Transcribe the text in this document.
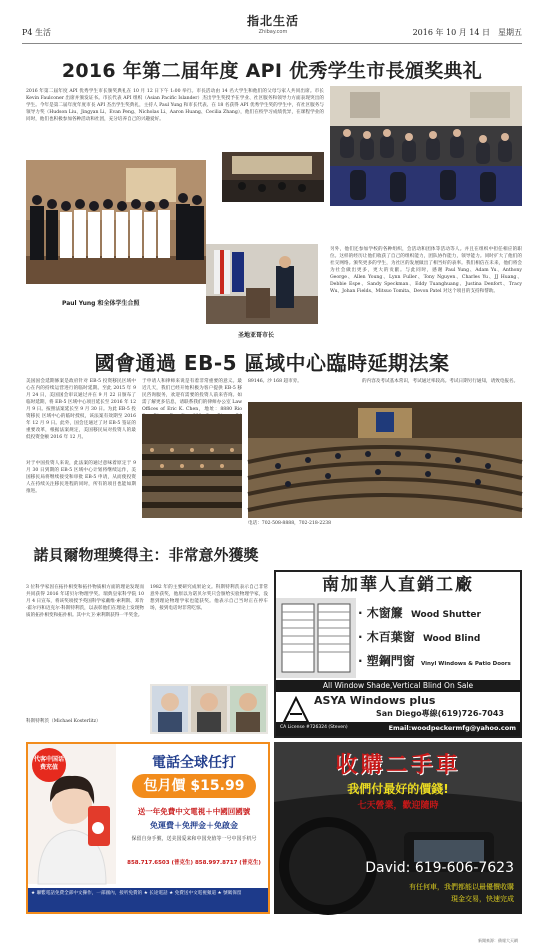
P4 生活
指北生活
Zhibay.com	2016 年 10 月 14 日　星期五
2016 年第二届年度 API 优秀学生市長頒奖典礼
2016 年第二届年度 API 优秀学生市长颁奖典礼在 10 月 12 日下午 1:00 举行。市長活动由 14 名大学生和他们的父母与家人共同出席。市长 Kevin Faulconer 出席并颁发证书。市长代表 API 组织（Asian Pacific Islander）杰出学生奖授予在学业、社区服务和领导力方面表现突出的学生。今年是第二届年度年度市長 API 杰出学生奖典礼，主持人 Paul Yung 和市长代表、在 18 名获得 API 优秀学生奖的学生中，有社区服务与领导力奖（Hudson Liu、Jingyan Li、Evan Peng、Nicholas Li、Aaron Huang、Cecilia Zhang），他们在校学习成绩优异，在课程学业的同时，他们也积极参加各种活动和社团，充分培养自己的兴趣爱好。
Paul Yung 和全体学生合照
圣地亚哥市长
另外，他们还参加学校的各种组织，会活动和团体等活动等人。并且在组织中担任相应的职位。这样的经历让他们收获了自己的组织能力，团队协作能力，领导能力。同时扩大了他们的社交网络。颁奖更多的学生，为社区的发展做出了相当好的表率。我们相信在未来，他们将会为社会做出更多，更大的贡献。与此同时，感谢 Paul Yung、Adam Yu、Anthony George、Allen Young、Lynn Fuller、Tony Nguyen、Charles Yu、JJ Huang、Debbie Espe、Sandy Speckman、Eddy Tuanghuang、Justina Denfort、Tracy Wu、Johan Fields、Mitsuo Tomita、Devon Patel 对这个项目的支持和帮助。
國會通過 EB-5 區域中心臨時延期法案
美国国会延期修案是政府针对 EB-5 投资移民区域中心在内的持续运营进行的临时延期。至此 2015 年 9 月 24 日，美国国会审议通过并在 9 月 22 日颁布了临时延期，将 EB-5 区域中心项目延长至 2016 年 12 月 9 日。按照法案延长至 9 月 30 日。为此 EB-5 投资移民 区域中心的临时授权，该法案有效期至 2016 年 12 月 9 日。此外，国会还通过了对 EB-5 签证的重要改革，根据法案规定，美国移民局对投资人的最低投资金额 2016 年 12 月。
对于中国投资人来说，此法案的通过意味着原定于 9 月 30 日到期的 EB-5 区域中心计划将继续运作，美国移民局将继续接受和审批 EB-5 申请，从而使投资人在持续关注移民进程的同时，所有的项目也能如期推进。
于申请人和律师来说是有着非常重要的意义。最近几天，我们已经开始积极为客户提供 EB-5 移民咨询服务，欢迎有需要的投资人前来咨询。如需了解更多信息，请联系我们的律师办公室 Law Offices of Eric K. Chen，地址：8880 Rio
89146。沙 168 超市旁。	的内容及考试基本常识，考试通过率较高。考试日期另行通知，请致电报名。
电话：702-508-8888，702-218-2238
諾貝爾物理獎得主：非常意外獲獎
3 位科学家因在拓扑相变和拓扑物质相方面的理论发现而共同获得 2016 年诺贝尔物理学奖。瑞典皇家科学院 10 月 4 日宣布，将该奖项授予英国科学家戴维·索利斯、邓肯·霍尔丹和迈克尔·科斯特利茨，以表彰他们在理论上发现物质的拓扑相变和拓扑相。其中大卫·索利斯获得一半奖金。
1982 年的主要研究成果论文。科斯特利茨表示自己非常意外获奖，他原以为诺贝尔奖只会颁给实验物理学家，没想到理论物理学家也能获奖。他表示自己当时正在停车场，接到电话时非常吃惊。
科斯特利茨（Michael Kosterlitz）
南加華人直銷工廠
· 木窗簾 Wood Shutter
· 木百葉窗 Wood Blind
· 塑鋼門窗 Vinyl Windows & Patio Doors
All Window Shade,Vertical Blind On Sale
ASYA Windows plus
San Diego專線(619)726-7043
CA License #726324 (Steven)	Email:woodpeckermfg@yahoo.com
代客中国话费充值	電話全球任打
包月價 $15.99
送一年免費中文電視＋中國回國號
免運費＋免押金＋免啟金
保留自身手號，送美国爱来和中国充值等一号中国手机号
858.717.6503 (普克生) 858.997.8717 (普克生)
★ 聯繫電話免費全部中文操作，一部國內，接听免費的 ★ 长途電話 ★ 免費送中文電視頻道 ★ 號碼保留
收購二手車
我們付最好的價錢!
七天營業，歡迎隨時
David: 619-606-7623
有任何車，我們都能以最優價收購
現金交易，快速完成
新聞來源：僑報大天網
